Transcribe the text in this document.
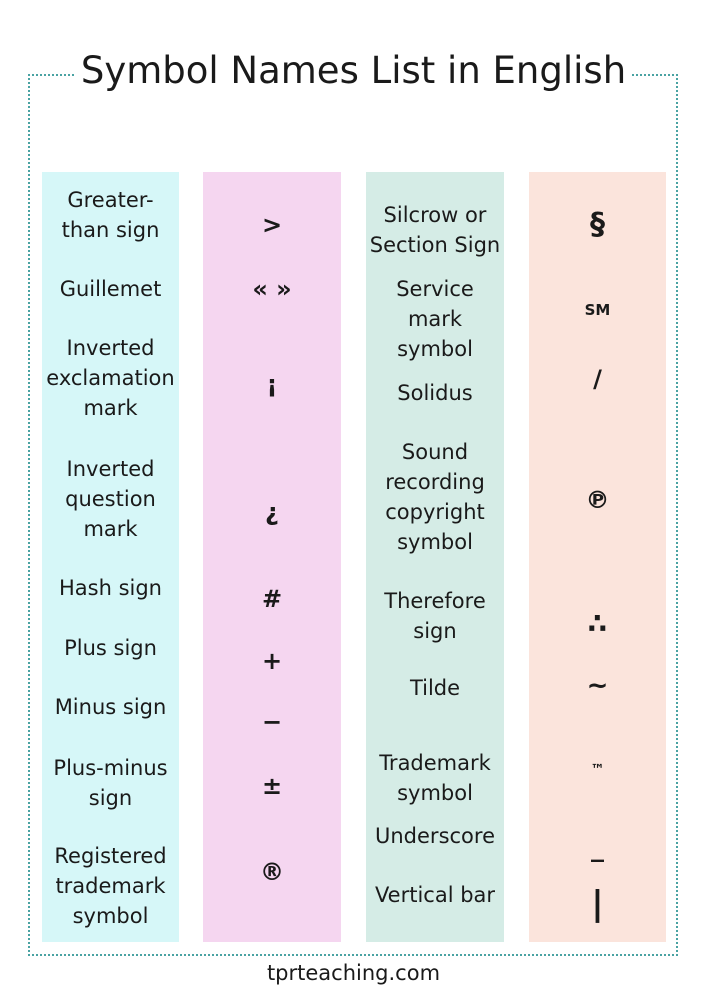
Symbol Names List in English
Greater-
than sign
Guillemet
Inverted
exclamation
mark
Inverted
question
mark
Hash sign
Plus sign
Minus sign
Plus-minus
sign
Registered
trademark
symbol
>
« »
¡
¿
#
+
−
±
®
Silcrow or
Section Sign
Service mark
symbol
Solidus
Sound
recording
copyright
symbol
Therefore
sign
Tilde
Trademark
symbol
Underscore
Vertical bar
§
SM
/
℗
∴
~
™
_
|
tprteaching.com
